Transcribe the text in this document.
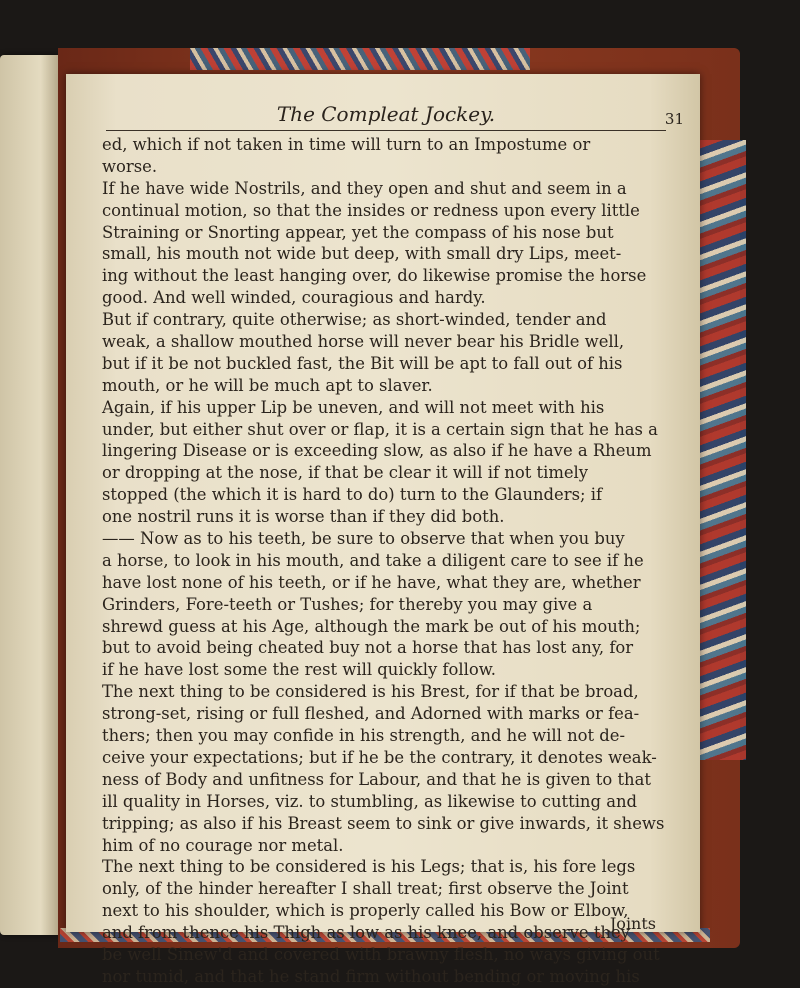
The Compleat Jockey.	31
ed, which if not taken in time will turn to an Impostume or
worse.
If he have wide Nostrils, and they open and shut and seem in a
continual motion, so that the insides or redness upon every little
Straining or Snorting appear, yet the compass of his nose but
small, his mouth not wide but deep, with small dry Lips, meet-
ing without the least hanging over, do likewise promise the horse
good. And well winded, couragious and hardy.
But if contrary, quite otherwise; as short-winded, tender and
weak, a shallow mouthed horse will never bear his Bridle well,
but if it be not buckled fast, the Bit will be apt to fall out of his
mouth, or he will be much apt to slaver.
Again, if his upper Lip be uneven, and will not meet with his
under, but either shut over or flap, it is a certain sign that he has a
lingering Disease or is exceeding slow, as also if he have a Rheum
or dropping at the nose, if that be clear it will if not timely
stopped (the which it is hard to do) turn to the Glaunders; if
one nostril runs it is worse than if they did both.
—— Now as to his teeth, be sure to observe that when you buy
a horse, to look in his mouth, and take a diligent care to see if he
have lost none of his teeth, or if he have, what they are, whether
Grinders, Fore-teeth or Tushes; for thereby you may give a
shrewd guess at his Age, although the mark be out of his mouth;
but to avoid being cheated buy not a horse that has lost any, for
if he have lost some the rest will quickly follow.
The next thing to be considered is his Brest, for if that be broad,
strong-set, rising or full fleshed, and Adorned with marks or fea-
thers; then you may confide in his strength, and he will not de-
ceive your expectations; but if he be the contrary, it denotes weak-
ness of Body and unfitness for Labour, and that he is given to that
ill quality in Horses, viz. to stumbling, as likewise to cutting and
tripping; as also if his Breast seem to sink or give inwards, it shews
him of no courage nor metal.
The next thing to be considered is his Legs; that is, his fore legs
only, of the hinder hereafter I shall treat; first observe the Joint
next to his shoulder, which is properly called his Bow or Elbow,
and from thence his Thigh as low as his knee, and observe they
be well Sinew'd and covered with brawny flesh, no ways giving out
nor tumid, and that he stand firm without bending or moving his
Joints
